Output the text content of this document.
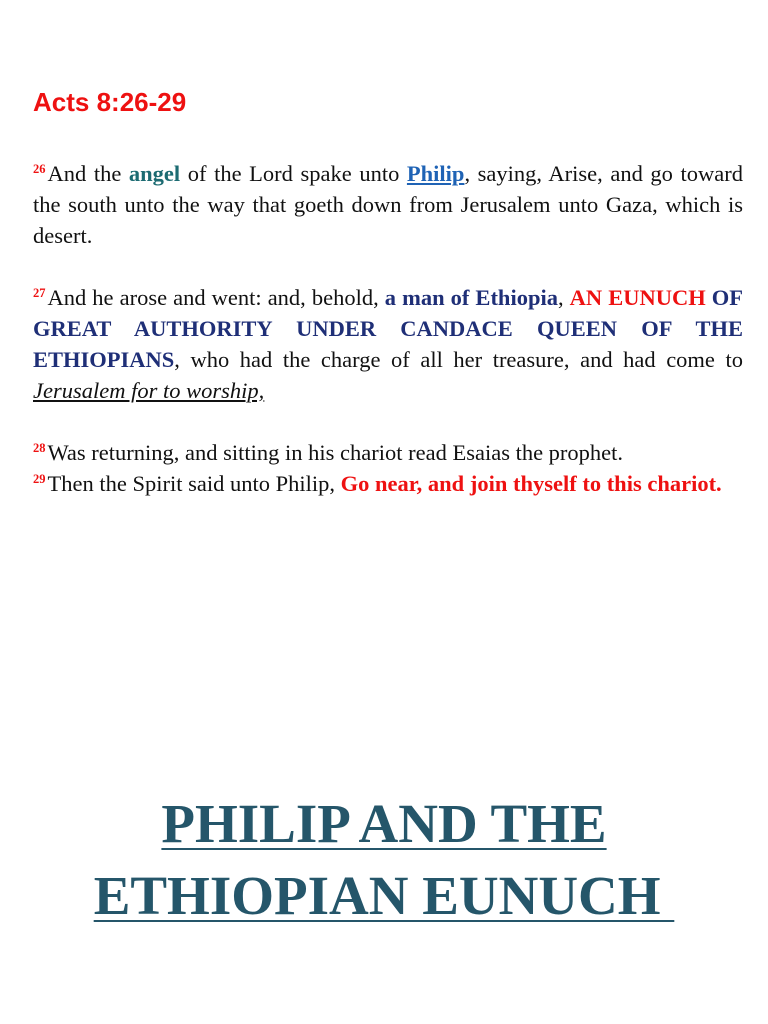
Acts 8:26-29

$^{26}$And the angel of the Lord spake unto Philip, saying, Arise, and go toward the south unto the way that goeth down from Jerusalem unto Gaza, which is desert.

$^{27}$And he arose and went: and, behold, a man of Ethiopia, AN EUNUCH OF GREAT AUTHORITY UNDER CANDACE QUEEN OF THE ETHIOPIANS, who had the charge of all her treasure, and had come to Jerusalem for to worship,

$^{28}$Was returning, and sitting in his chariot read Esaias the prophet.

$^{29}$Then the Spirit said unto Philip, Go near, and join thyself to this chariot.

PHILIP AND THE
ETHIOPIAN EUNUCH
